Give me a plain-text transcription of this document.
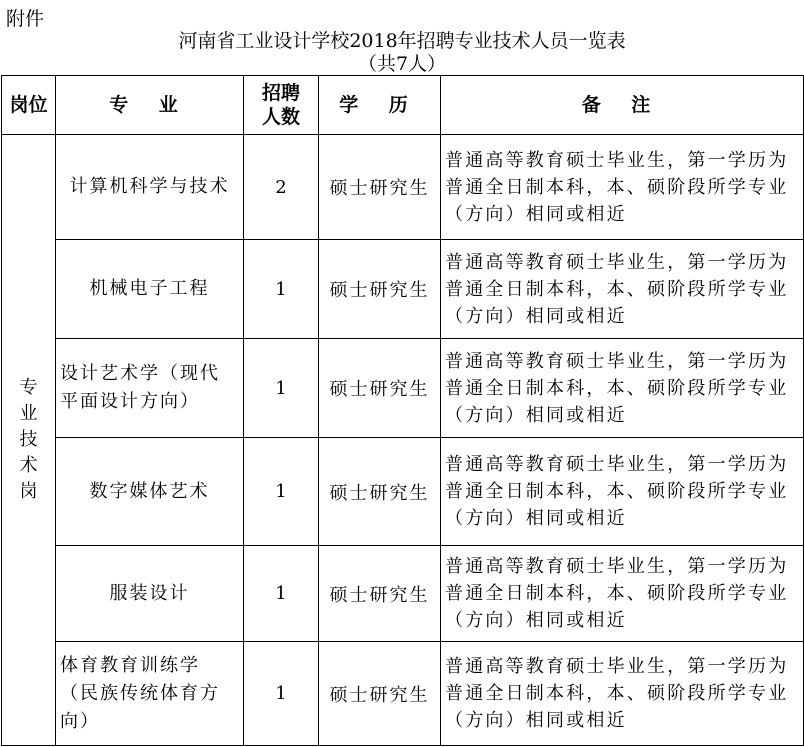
附件
河南省工业设计学校2018年招聘专业技术人员一览表
（共7人）
岗位	专 业	招聘人数	学 历	备 注
专业技术岗	计算机科学与技术	2	硕士研究生	普通高等教育硕士毕业生，第一学历为普通全日制本科，本、硕阶段所学专业（方向）相同或相近
	机械电子工程	1	硕士研究生	普通高等教育硕士毕业生，第一学历为普通全日制本科，本、硕阶段所学专业（方向）相同或相近
	设计艺术学（现代平面设计方向）	1	硕士研究生	普通高等教育硕士毕业生，第一学历为普通全日制本科，本、硕阶段所学专业（方向）相同或相近
	数字媒体艺术	1	硕士研究生	普通高等教育硕士毕业生，第一学历为普通全日制本科，本、硕阶段所学专业（方向）相同或相近
	服装设计	1	硕士研究生	普通高等教育硕士毕业生，第一学历为普通全日制本科，本、硕阶段所学专业（方向）相同或相近
	体育教育训练学（民族传统体育方向）	1	硕士研究生	普通高等教育硕士毕业生，第一学历为普通全日制本科，本、硕阶段所学专业（方向）相同或相近
